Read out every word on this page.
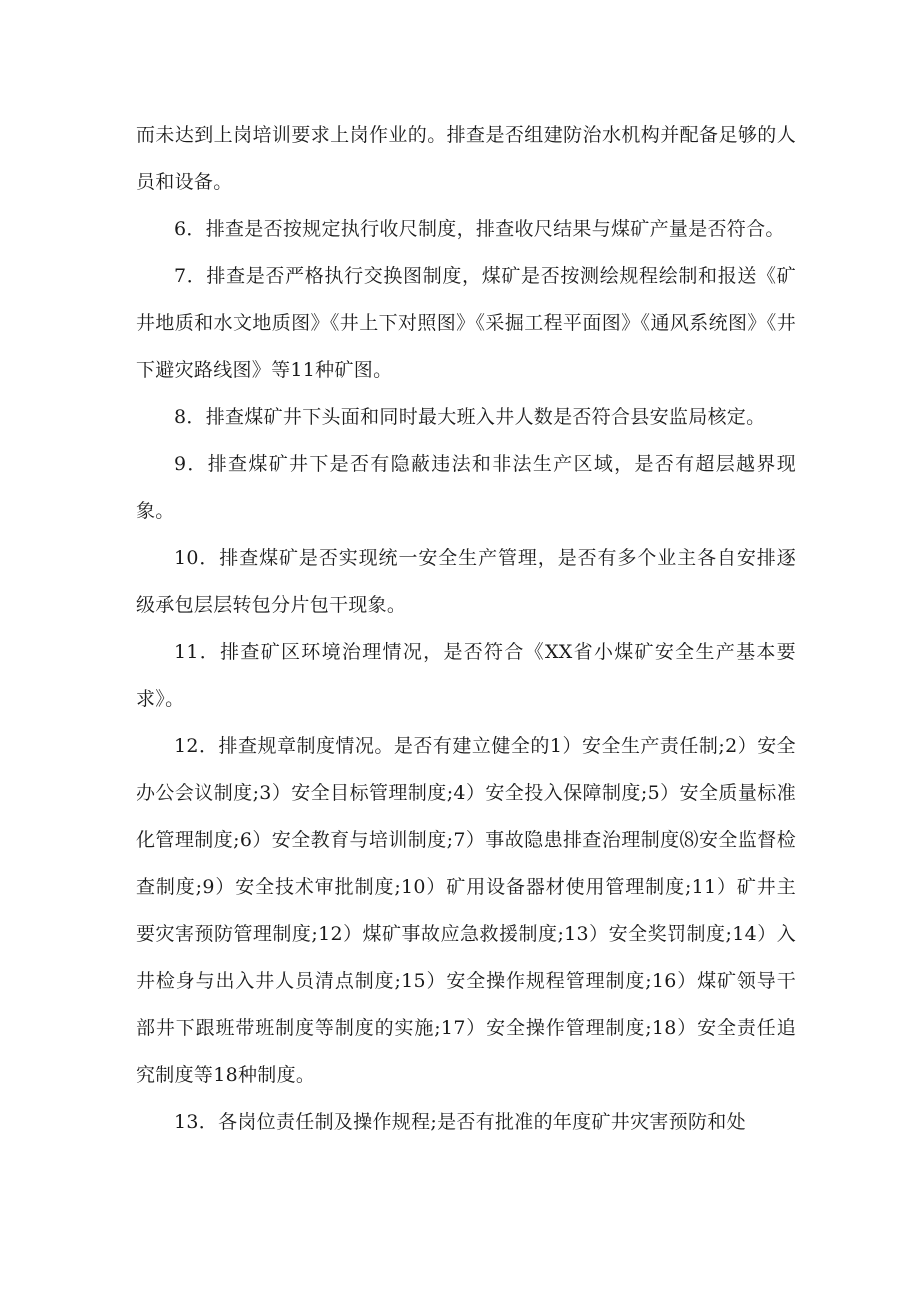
而未达到上岗培训要求上岗作业的。排查是否组建防治水机构并配备足够的人员和设备。

6．排查是否按规定执行收尺制度，排查收尺结果与煤矿产量是否符合。

7．排查是否严格执行交换图制度，煤矿是否按测绘规程绘制和报送《矿井地质和水文地质图》《井上下对照图》《采掘工程平面图》《通风系统图》《井下避灾路线图》等11种矿图。

8．排查煤矿井下头面和同时最大班入井人数是否符合县安监局核定。

9．排查煤矿井下是否有隐蔽违法和非法生产区域，是否有超层越界现象。

10．排查煤矿是否实现统一安全生产管理，是否有多个业主各自安排逐级承包层层转包分片包干现象。

11．排查矿区环境治理情况，是否符合《XX省小煤矿安全生产基本要求》。

12．排查规章制度情况。是否有建立健全的1）安全生产责任制;2）安全办公会议制度;3）安全目标管理制度;4）安全投入保障制度;5）安全质量标准化管理制度;6）安全教育与培训制度;7）事故隐患排查治理制度⑻安全监督检查制度;9）安全技术审批制度;10）矿用设备器材使用管理制度;11）矿井主要灾害预防管理制度;12）煤矿事故应急救援制度;13）安全奖罚制度;14）入井检身与出入井人员清点制度;15）安全操作规程管理制度;16）煤矿领导干部井下跟班带班制度等制度的实施;17）安全操作管理制度;18）安全责任追究制度等18种制度。

13．各岗位责任制及操作规程;是否有批准的年度矿井灾害预防和处
